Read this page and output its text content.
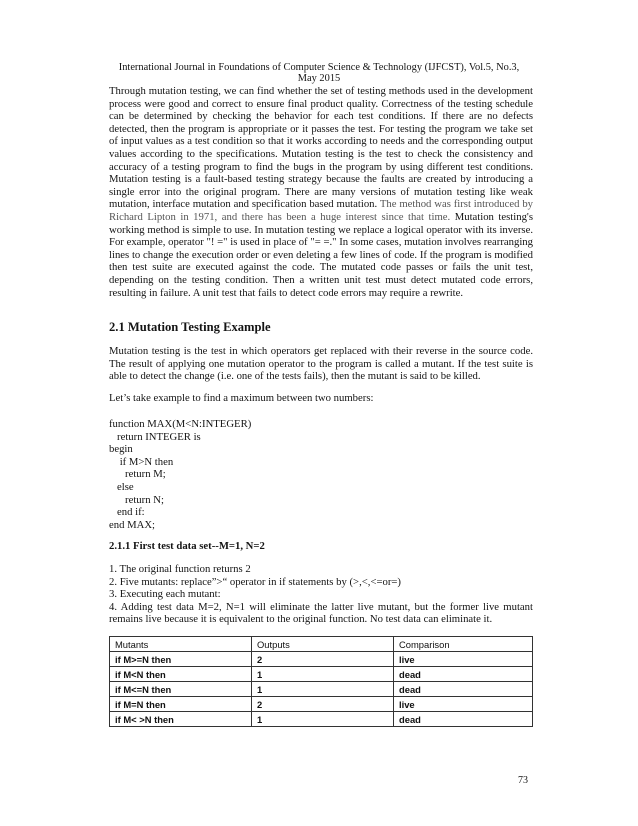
International Journal in Foundations of Computer Science & Technology (IJFCST), Vol.5, No.3, May 2015
Through mutation testing, we can find whether the set of testing methods used in the development process were good and correct to ensure final product quality. Correctness of the testing schedule can be determined by checking the behavior for each test conditions. If there are no defects detected, then the program is appropriate or it passes the test. For testing the program we take set of input values as a test condition so that it works according to needs and the corresponding output values according to the specifications. Mutation testing is the test to check the consistency and accuracy of a testing program to find the bugs in the program by using different test conditions. Mutation testing is a fault-based testing strategy because the faults are created by introducing a single error into the original program. There are many versions of mutation testing like weak mutation, interface mutation and specification based mutation. The method was first introduced by Richard Lipton in 1971, and there has been a huge interest since that time. Mutation testing's working method is simple to use. In mutation testing we replace a logical operator with its inverse. For example, operator "! =" is used in place of "= =." In some cases, mutation involves rearranging lines to change the execution order or even deleting a few lines of code. If the program is modified then test suite are executed against the code. The mutated code passes or fails the unit test, depending on the testing condition. Then a written unit test must detect mutated code errors, resulting in failure. A unit test that fails to detect code errors may require a rewrite.
2.1 Mutation Testing Example
Mutation testing is the test in which operators get replaced with their reverse in the source code. The result of applying one mutation operator to the program is called a mutant. If the test suite is able to detect the change (i.e. one of the tests fails), then the mutant is said to be killed.
Let’s take example to find a maximum between two numbers:
function MAX(M<N:INTEGER)
return INTEGER is
begin
if M>N then
return M;
else
return N;
end if:
end MAX;
2.1.1 First test data set--M=1, N=2
1. The original function returns 2
2. Five mutants: replace”>“ operator in if statements by (>,<,<=or=)
3. Executing each mutant:
4. Adding test data M=2, N=1 will eliminate the latter live mutant, but the former live mutant remains live because it is equivalent to the original function. No test data can eliminate it.
Mutants	Outputs	Comparison
if M>=N then	2	live
if M<N then	1	dead
if M<=N then	1	dead
if M=N then	2	live
if M< >N then	1	dead
73
